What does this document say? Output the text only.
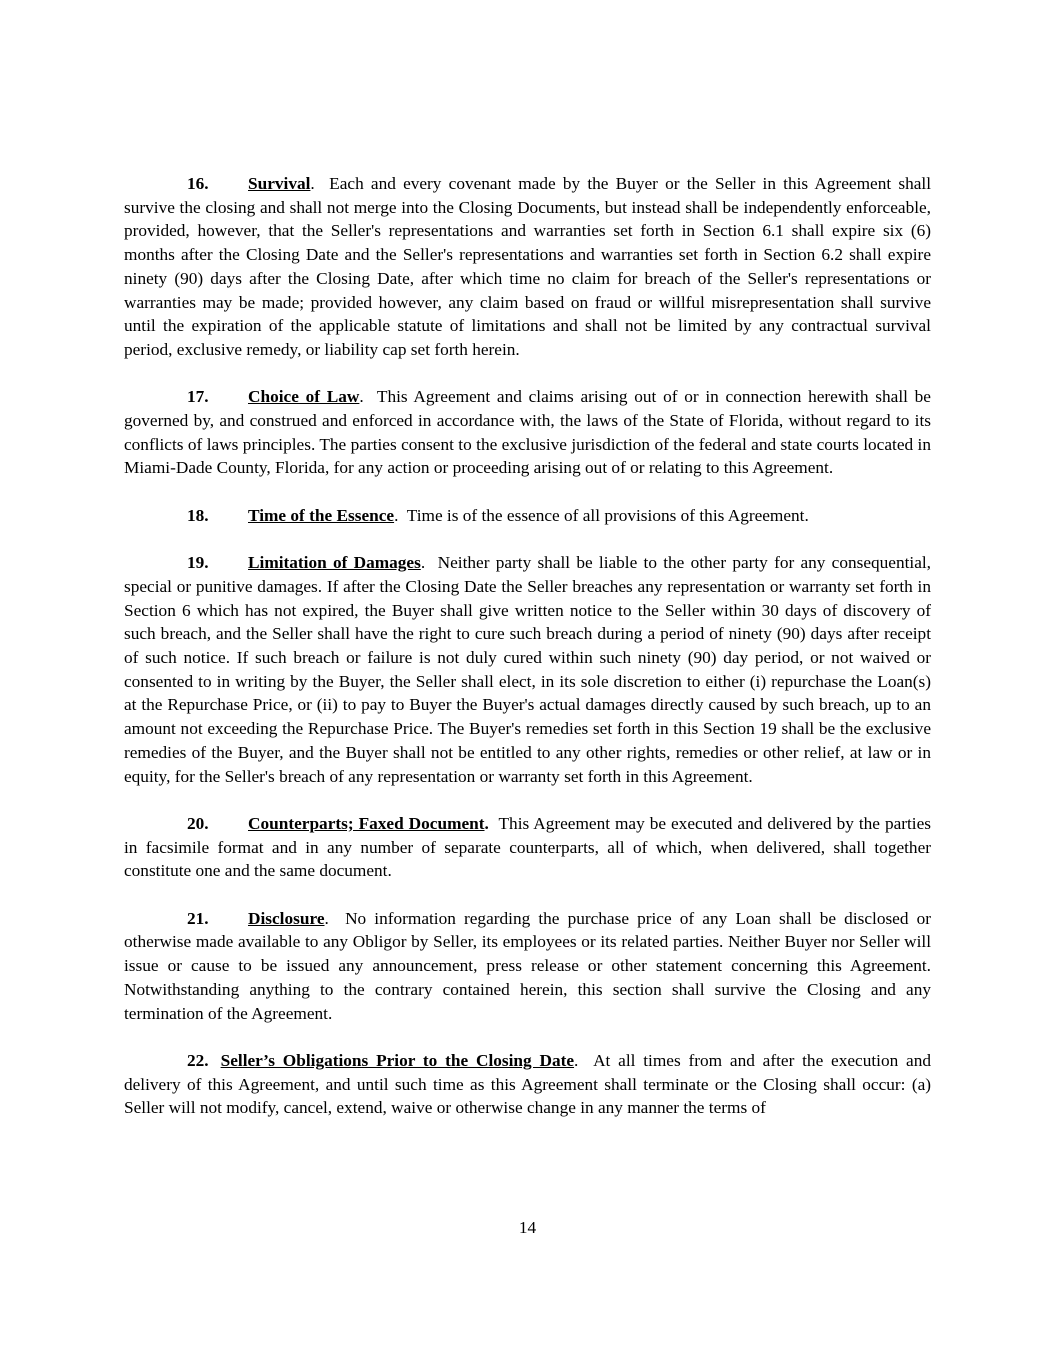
16. Survival. Each and every covenant made by the Buyer or the Seller in this Agreement shall survive the closing and shall not merge into the Closing Documents, but instead shall be independently enforceable, provided, however, that the Seller's representations and warranties set forth in Section 6.1 shall expire six (6) months after the Closing Date and the Seller's representations and warranties set forth in Section 6.2 shall expire ninety (90) days after the Closing Date, after which time no claim for breach of the Seller's representations or warranties may be made; provided however, any claim based on fraud or willful misrepresentation shall survive until the expiration of the applicable statute of limitations and shall not be limited by any contractual survival period, exclusive remedy, or liability cap set forth herein.

17. Choice of Law. This Agreement and claims arising out of or in connection herewith shall be governed by, and construed and enforced in accordance with, the laws of the State of Florida, without regard to its conflicts of laws principles. The parties consent to the exclusive jurisdiction of the federal and state courts located in Miami-Dade County, Florida, for any action or proceeding arising out of or relating to this Agreement.

18. Time of the Essence. Time is of the essence of all provisions of this Agreement.

19. Limitation of Damages. Neither party shall be liable to the other party for any consequential, special or punitive damages. If after the Closing Date the Seller breaches any representation or warranty set forth in Section 6 which has not expired, the Buyer shall give written notice to the Seller within 30 days of discovery of such breach, and the Seller shall have the right to cure such breach during a period of ninety (90) days after receipt of such notice. If such breach or failure is not duly cured within such ninety (90) day period, or not waived or consented to in writing by the Buyer, the Seller shall elect, in its sole discretion to either (i) repurchase the Loan(s) at the Repurchase Price, or (ii) to pay to Buyer the Buyer's actual damages directly caused by such breach, up to an amount not exceeding the Repurchase Price. The Buyer's remedies set forth in this Section 19 shall be the exclusive remedies of the Buyer, and the Buyer shall not be entitled to any other rights, remedies or other relief, at law or in equity, for the Seller's breach of any representation or warranty set forth in this Agreement.

20. Counterparts; Faxed Document. This Agreement may be executed and delivered by the parties in facsimile format and in any number of separate counterparts, all of which, when delivered, shall together constitute one and the same document.

21. Disclosure. No information regarding the purchase price of any Loan shall be disclosed or otherwise made available to any Obligor by Seller, its employees or its related parties. Neither Buyer nor Seller will issue or cause to be issued any announcement, press release or other statement concerning this Agreement. Notwithstanding anything to the contrary contained herein, this section shall survive the Closing and any termination of the Agreement.

22. Seller’s Obligations Prior to the Closing Date. At all times from and after the execution and delivery of this Agreement, and until such time as this Agreement shall terminate or the Closing shall occur: (a) Seller will not modify, cancel, extend, waive or otherwise change in any manner the terms of

14
